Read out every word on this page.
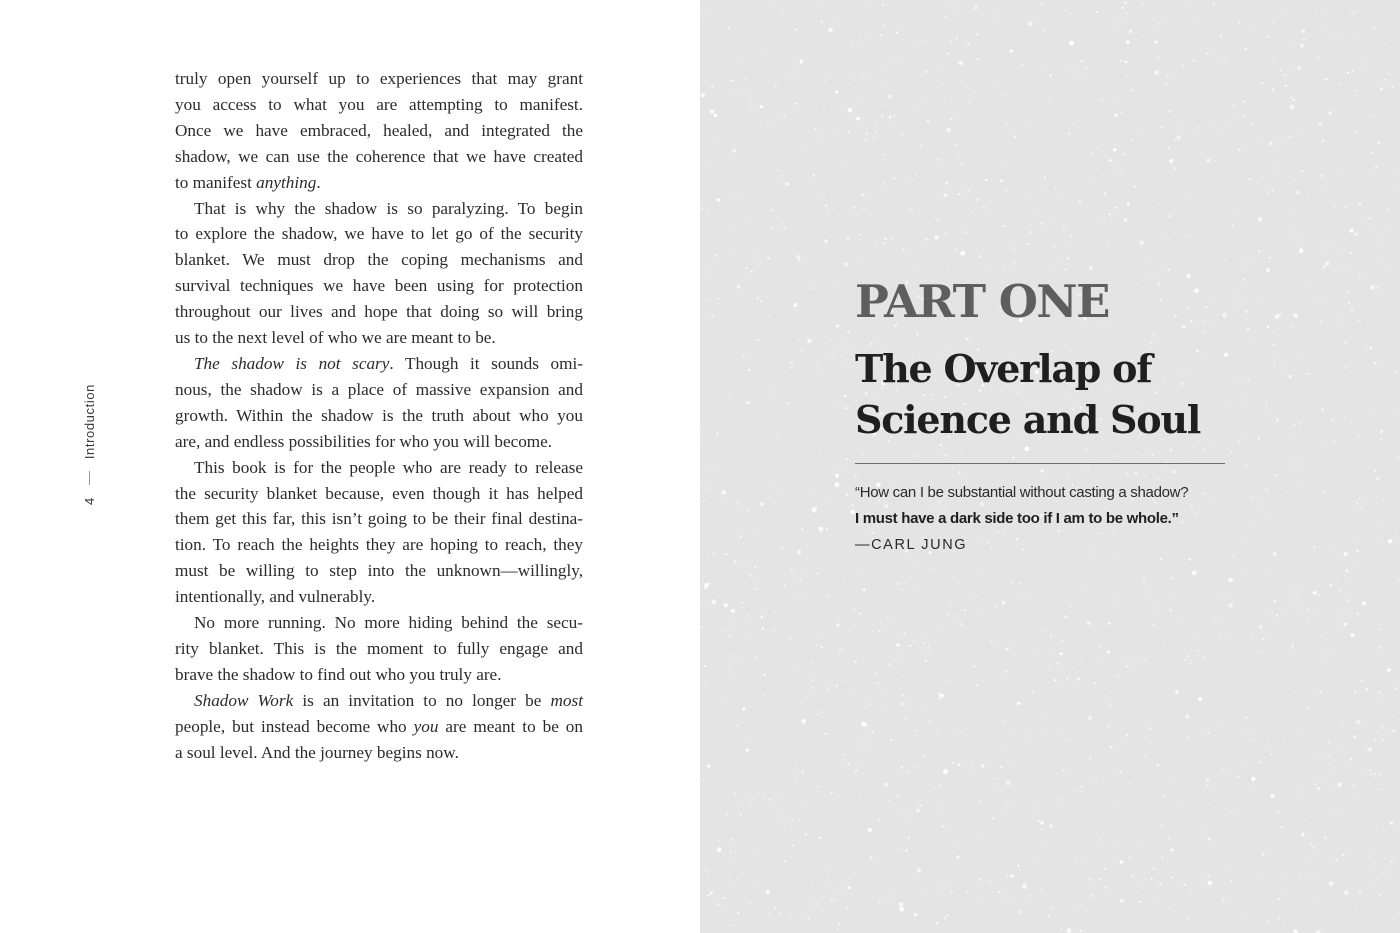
4
Introduction

truly open yourself up to experiences that may grant

you access to what you are attempting to manifest.

Once we have embraced, healed, and integrated the

shadow, we can use the coherence that we have created

to manifest anything.

That is why the shadow is so paralyzing. To begin

to explore the shadow, we have to let go of the security

blanket. We must drop the coping mechanisms and

survival techniques we have been using for protection

throughout our lives and hope that doing so will bring

us to the next level of who we are meant to be.

The shadow is not scary. Though it sounds omi-

nous, the shadow is a place of massive expansion and

growth. Within the shadow is the truth about who you

are, and endless possibilities for who you will become.

This book is for the people who are ready to release

the security blanket because, even though it has helped

them get this far, this isn’t going to be their final destina-

tion. To reach the heights they are hoping to reach, they

must be willing to step into the unknown—willingly,

intentionally, and vulnerably.

No more running. No more hiding behind the secu-

rity blanket. This is the moment to fully engage and

brave the shadow to find out who you truly are.

Shadow Work is an invitation to no longer be most

people, but instead become who you are meant to be on

a soul level. And the journey begins now.

PART ONE
The Overlap of
Science and Soul
“How can I be substantial without casting a shadow?
I must have a dark side too if I am to be whole.”
—CARL JUNG
